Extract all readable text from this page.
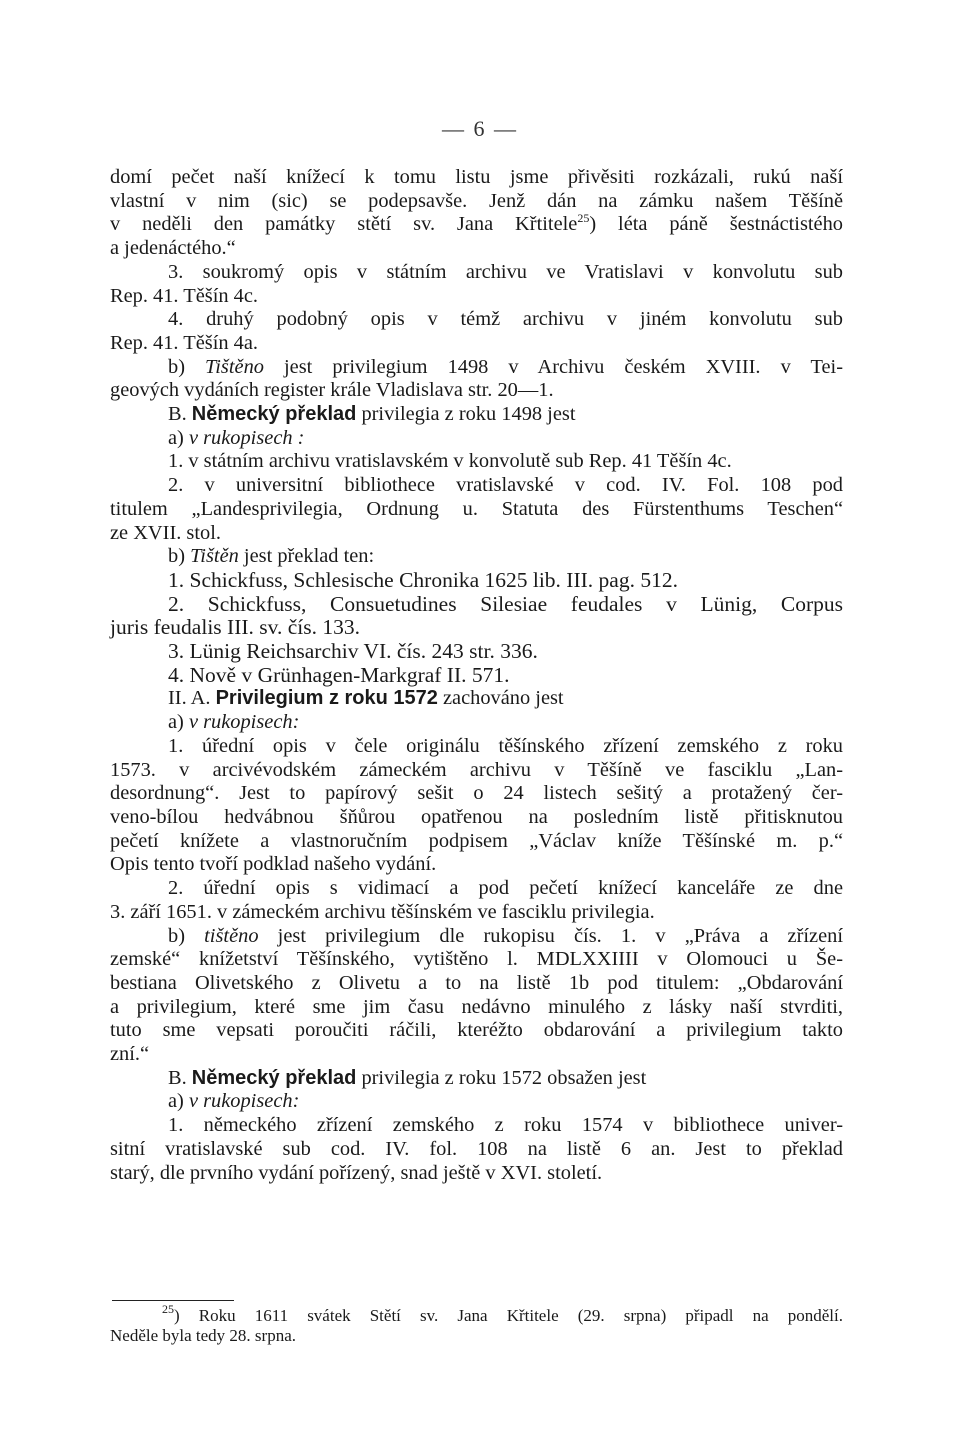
— 6 —

domí pečet naší knížecí k tomu listu jsme přivěsiti rozkázali, rukú naší
vlastní v nim (sic) se podepsavše. Jenž dán na zámku našem Těšíně
v neděli den památky stětí sv. Jana Křtitele$^{25}$) léta páně šestnáctistého
a jedenáctého.“

3. soukromý opis v státním archivu ve Vratislavi v konvolutu sub
Rep. 41. Těšín 4c.

4. druhý podobný opis v témž archivu v jiném konvolutu sub
Rep. 41. Těšín 4a.

b) Tištěno jest privilegium 1498 v Archivu českém XVIII. v Tei-
geových vydáních register krále Vladislava str. 20—1.

B. Německý překlad privilegia z roku 1498 jest

a) v rukopisech :

1. v státním archivu vratislavském v konvolutě sub Rep. 41 Těšín 4c.
2. v universitní bibliothece vratislavské v cod. IV. Fol. 108 pod
titulem „Landesprivilegia, Ordnung u. Statuta des Fürstenthums Teschen“
ze XVII. stol.

b) Tištěn jest překlad ten:

1. Schickfuss, Schlesische Chronika 1625 lib. III. pag. 512.
2. Schickfuss, Consuetudines Silesiae feudales v Lünig, Corpus
juris feudalis III. sv. čís. 133.
3. Lünig Reichsarchiv VI. čís. 243 str. 336.
4. Nově v Grünhagen-Markgraf II. 571.

II. A. Privilegium z roku 1572 zachováno jest

a) v rukopisech:

1. úřední opis v čele originálu těšínského zřízení zemského z roku
1573. v arcivévodském zámeckém archivu v Těšíně ve fasciklu „Lan-
desordnung“. Jest to papírový sešit o 24 listech sešitý a protažený čer-
veno-bílou hedvábnou šňůrou opatřenou na posledním listě přitisknutou
pečetí knížete a vlastnoručním podpisem „Václav kníže Těšínské m. p.“
Opis tento tvoří podklad našeho vydání.

2. úřední opis s vidimací a pod pečetí knížecí kanceláře ze dne
3. září 1651. v zámeckém archivu těšínském ve fasciklu privilegia.

b) tištěno jest privilegium dle rukopisu čís. 1. v „Práva a zřízení
zemské“ knížetství Těšínského, vytištěno l. MDLXXIIII v Olomouci u Še-
bestiana Olivetského z Olivetu a to na listě 1b pod titulem: „Obdarování
a privilegium, které sme jim času nedávno minulého z lásky naší stvrditi,
tuto sme vepsati poroučiti ráčili, kteréžto obdarování a privilegium takto
zní.“

B. Německý překlad privilegia z roku 1572 obsažen jest

a) v rukopisech:

1. německého zřízení zemského z roku 1574 v bibliothece univer-
sitní vratislavské sub cod. IV. fol. 108 na listě 6 an. Jest to překlad
starý, dle prvního vydání pořízený, snad ještě v XVI. století.

$^{25}$) Roku 1611 svátek Stětí sv. Jana Křtitele (29. srpna) připadl na pondělí.
Neděle byla tedy 28. srpna.
